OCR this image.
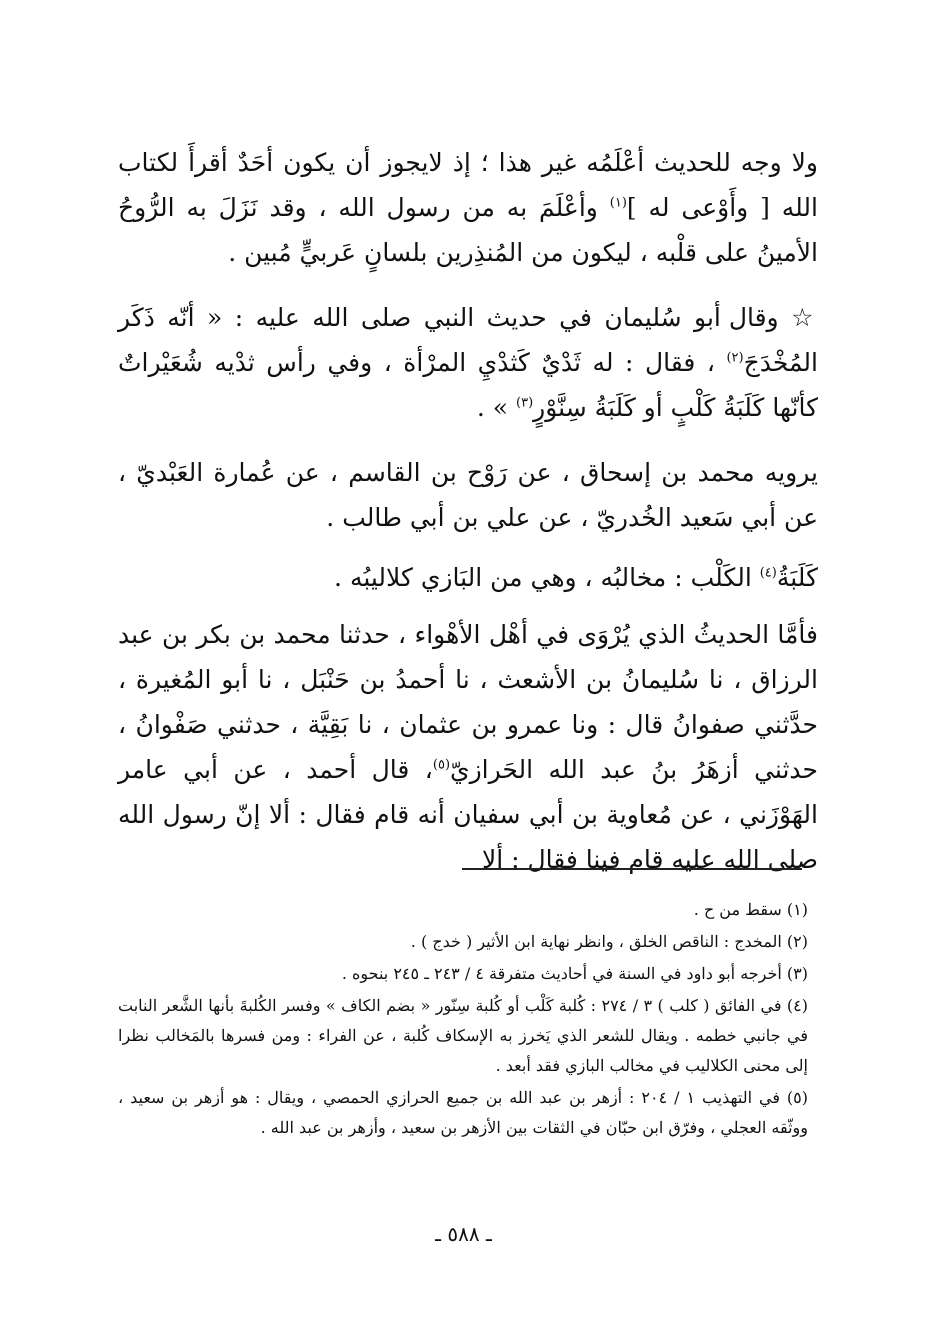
ولا وجه للحديث أعْلَمُه غير هذا ؛ إذ لايجوز أن يكون أحَدٌ أقرأَ لكتاب الله [ وأَوْعى له ]$^{(١)}$ وأعْلَمَ به من رسول الله ، وقد نَزَلَ به الرُّوحُ الأمينُ على قلْبه ، ليكون من المُنذِرين بلسانٍ عَربيٍّ مُبين .

☆ وقال أبو سُليمان في حديث النبي صلى الله عليه : « أنّه ذَكَر المُخْدَجَ$^{(٢)}$ ، فقال : له ثَدْيٌ كَثدْيِ المرْأة ، وفي رأس ثدْيه شُعَيْراتٌ كأنّها كَلَبَةُ كَلْبٍ أو كَلَبَةُ سِنَّوْرٍ$^{(٣)}$ » .

يرويه محمد بن إسحاق ، عن رَوْح بن القاسم ، عن عُمارة العَبْديّ ، عن أبي سَعيد الخُدريّ ، عن علي بن أبي طالب .

كَلَبَةُ$^{(٤)}$ الكَلْب : مخالبُه ، وهي من البَازي كلاليبُه .

فأمَّا الحديثُ الذي يُرْوَى في أهْل الأهْواء ، حدثنا محمد بن بكر بن عبد الرزاق ، نا سُليمانُ بن الأشعث ، نا أحمدُ بن حَنْبَل ، نا أبو المُغيرة ، حدَّثني صفوانُ قال : ونا عمرو بن عثمان ، نا بَقِيَّة ، حدثني صَفْوانُ ، حدثني أزهَرُ بنُ عبد الله الحَرازيّ$^{(٥)}$، قال أحمد ، عن أبي عامر الهَوْزَني ، عن مُعاوية بن أبي سفيان أنه قام فقال : ألا إنّ رسول الله صلى الله عليه قام فينا فقال : ألا

(١) سقط من ح .

(٢) المخدج : الناقص الخلق ، وانظر نهاية ابن الأثير ( خدج ) .

(٣) أخرجه أبو داود في السنة في أحاديث متفرقة ٤ / ٢٤٣ ـ ٢٤٥ بنحوه .

(٤) في الفائق ( كلب ) ٣ / ٢٧٤ : كُلبة كَلْب أو كُلبة سِنّور « بضم الكاف » وفسر الكُلبةَ بأنها الشَّعر النابت في جانبي خطمه . ويقال للشعر الذي يَخرز به الإسكاف كُلبة ، عن الفراء : ومن فسرها بالمَخالب نظرا إلى محنى الكلاليب في مخالب البازي فقد أبعد .

(٥) في التهذيب ١ / ٢٠٤ : أزهر بن عبد الله بن جميع الحرازي الحمصي ، ويقال : هو أزهر بن سعيد ، ووثّقه العجلي ، وفرّق ابن حبّان في الثقات بين الأزهر بن سعيد ، وأزهر بن عبد الله .

ـ ٥٨٨ ـ
